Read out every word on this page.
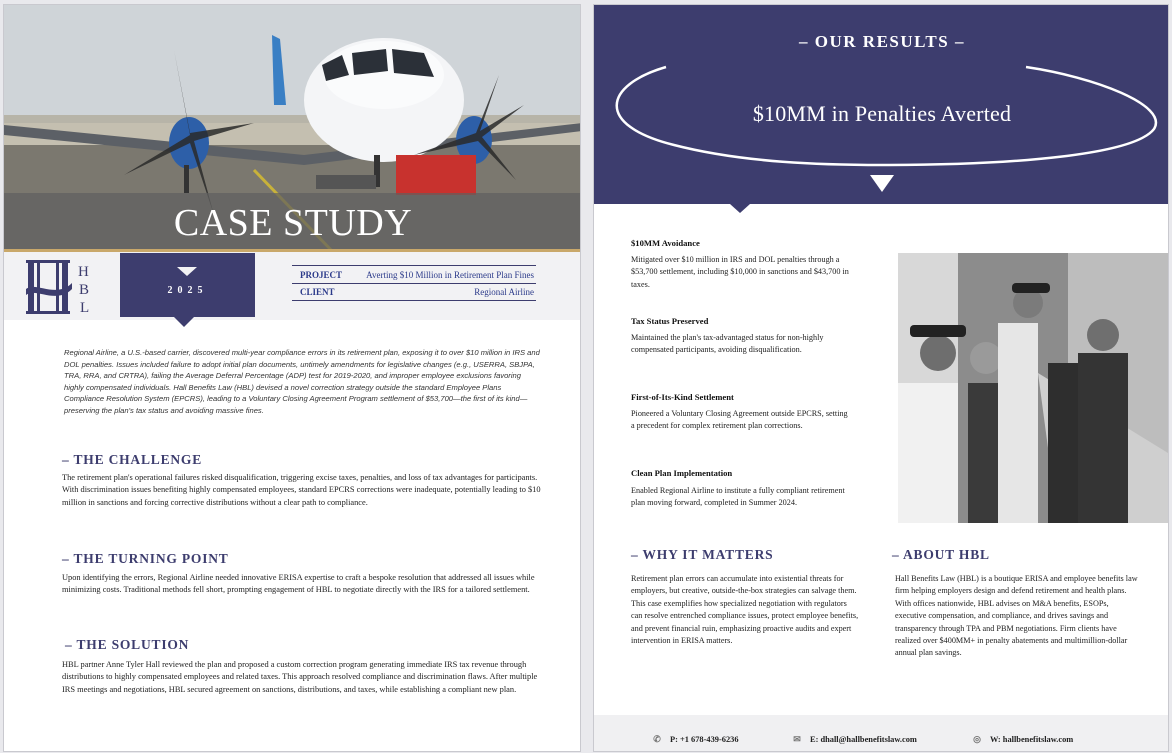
CASE STUDY
H
B
L
2025
PROJECT	Averting $10 Million in Retirement Plan Fines
CLIENT	Regional Airline
Regional Airline, a U.S.-based carrier, discovered multi-year compliance errors in its retirement plan, exposing it to over $10 million in IRS and DOL penalties. Issues included failure to adopt initial plan documents, untimely amendments for legislative changes (e.g., USERRA, SBJPA, TRA, RRA, and CRTRA), failing the Average Deferral Percentage (ADP) test for 2019-2020, and improper employee exclusions favoring highly compensated individuals. Hall Benefits Law (HBL) devised a novel correction strategy outside the standard Employee Plans Compliance Resolution System (EPCRS), leading to a Voluntary Closing Agreement Program settlement of $53,700—the first of its kind—preserving the plan's tax status and avoiding massive fines.
– THE CHALLENGE
The retirement plan's operational failures risked disqualification, triggering excise taxes, penalties, and loss of tax advantages for participants. With discrimination issues benefiting highly compensated employees, standard EPCRS corrections were inadequate, potentially leading to $10 million in sanctions and forcing corrective distributions without a clear path to compliance.
– THE TURNING POINT
Upon identifying the errors, Regional Airline needed innovative ERISA expertise to craft a bespoke resolution that addressed all issues while minimizing costs. Traditional methods fell short, prompting engagement of HBL to negotiate directly with the IRS for a tailored settlement.
– THE SOLUTION
HBL partner Anne Tyler Hall reviewed the plan and proposed a custom correction program generating immediate IRS tax revenue through distributions to highly compensated employees and related taxes. This approach resolved compliance and discrimination flaws. After multiple IRS meetings and negotiations, HBL secured agreement on sanctions, distributions, and taxes, while establishing a compliant new plan.
– OUR RESULTS –
$10MM in Penalties Averted
$10MM Avoidance
Mitigated over $10 million in IRS and DOL penalties through a $53,700 settlement, including $10,000 in sanctions and $43,700 in taxes.
Tax Status Preserved
Maintained the plan's tax-advantaged status for non-highly compensated participants, avoiding disqualification.
First-of-Its-Kind Settlement
Pioneered a Voluntary Closing Agreement outside EPCRS, setting a precedent for complex retirement plan corrections.
Clean Plan Implementation
Enabled Regional Airline to institute a fully compliant retirement plan moving forward, completed in Summer 2024.
– WHY IT MATTERS
Retirement plan errors can accumulate into existential threats for employers, but creative, outside-the-box strategies can salvage them. This case exemplifies how specialized negotiation with regulators can resolve entrenched compliance issues, protect employee benefits, and prevent financial ruin, emphasizing proactive audits and expert intervention in ERISA matters.
– ABOUT HBL
Hall Benefits Law (HBL) is a boutique ERISA and employee benefits law firm helping employers design and defend retirement and health plans. With offices nationwide, HBL advises on M&A benefits, ESOPs, executive compensation, and compliance, and drives savings and transparency through TPA and PBM negotiations. Firm clients have realized over $400MM+ in penalty abatements and multimillion-dollar annual plan savings.
✆ P: +1 678-439-6236	✉ E: dhall@hallbenefitslaw.com	◎ W: hallbenefitslaw.com
